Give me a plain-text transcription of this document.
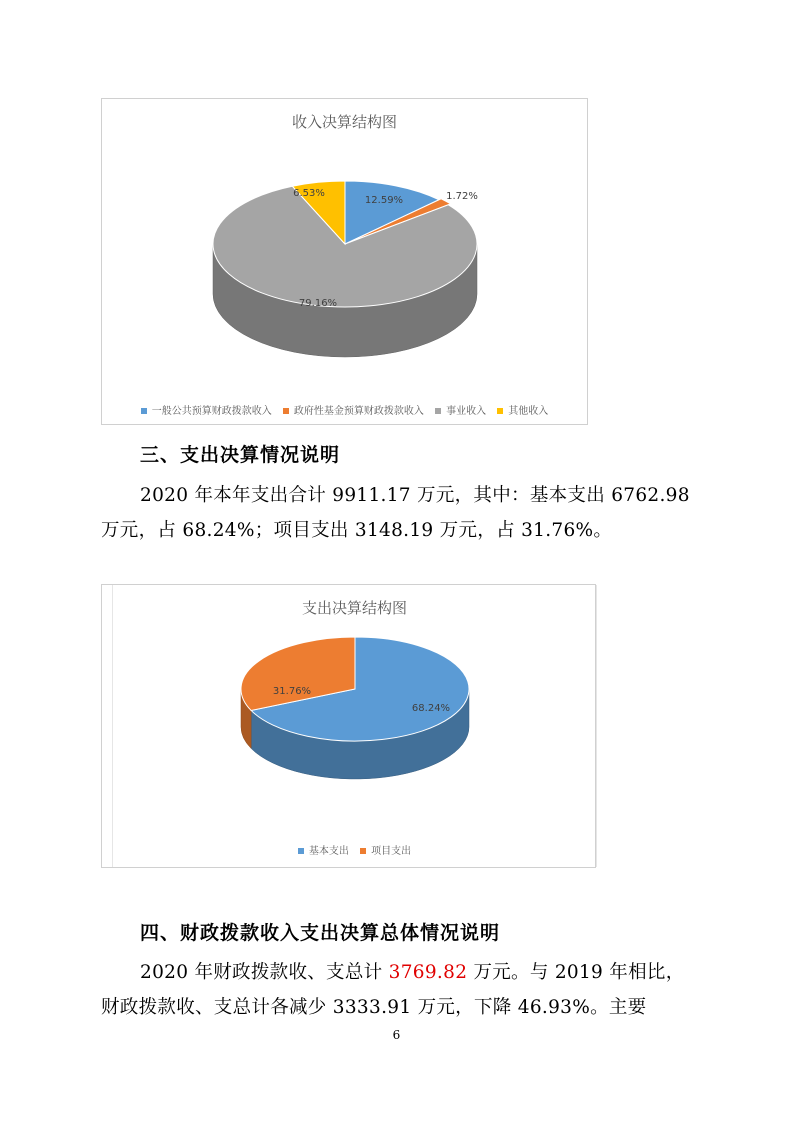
收入决算结构图
12.59%	1.72%
79.16%
6.53%
一般公共预算财政拨款收入 政府性基金预算财政拨款收入 事业收入 其他收入
三、支出决算情况说明
2020 年本年支出合计 9911.17 万元，其中：基本支出 6762.98
万元，占 68.24%；项目支出 3148.19 万元，占 31.76%。
支出决算结构图
68.24%
31.76%
基本支出 项目支出
四、财政拨款收入支出决算总体情况说明
2020 年财政拨款收、支总计 3769.82 万元。与 2019 年相比，
财政拨款收、支总计各减少 3333.91 万元，下降 46.93%。主要
6
